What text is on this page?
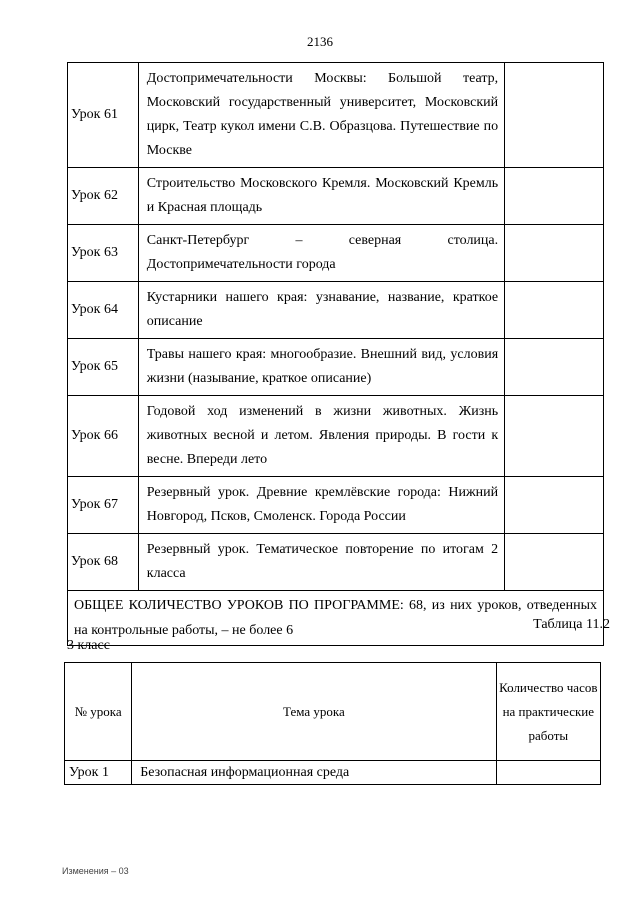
2136
Урок 61	Достопримечательности Москвы: Большой театр, Московский государственный университет, Московский цирк, Театр кукол имени С.В. Образцова. Путешествие по Москве	
Урок 62	Строительство Московского Кремля. Московский Кремль и Красная площадь	
Урок 63	Санкт-Петербург – северная столица. Достопримечательности города	
Урок 64	Кустарники нашего края: узнавание, название, краткое описание	
Урок 65	Травы нашего края: многообразие. Внешний вид, условия жизни (называние, краткое описание)	
Урок 66	Годовой ход изменений в жизни животных. Жизнь животных весной и летом. Явления природы. В гости к весне. Впереди лето	
Урок 67	Резервный урок. Древние кремлёвские города: Нижний Новгород, Псков, Смоленск. Города России	
Урок 68	Резервный урок. Тематическое повторение по итогам 2 класса	
ОБЩЕЕ КОЛИЧЕСТВО УРОКОВ ПО ПРОГРАММЕ: 68, из них уроков, отведенных на контрольные работы, – не более 6			Таблица 11.2
3 класс
№ урока	Тема урока	Количество часов на практические работы
Урок 1	Безопасная информационная среда	
Изменения – 03
